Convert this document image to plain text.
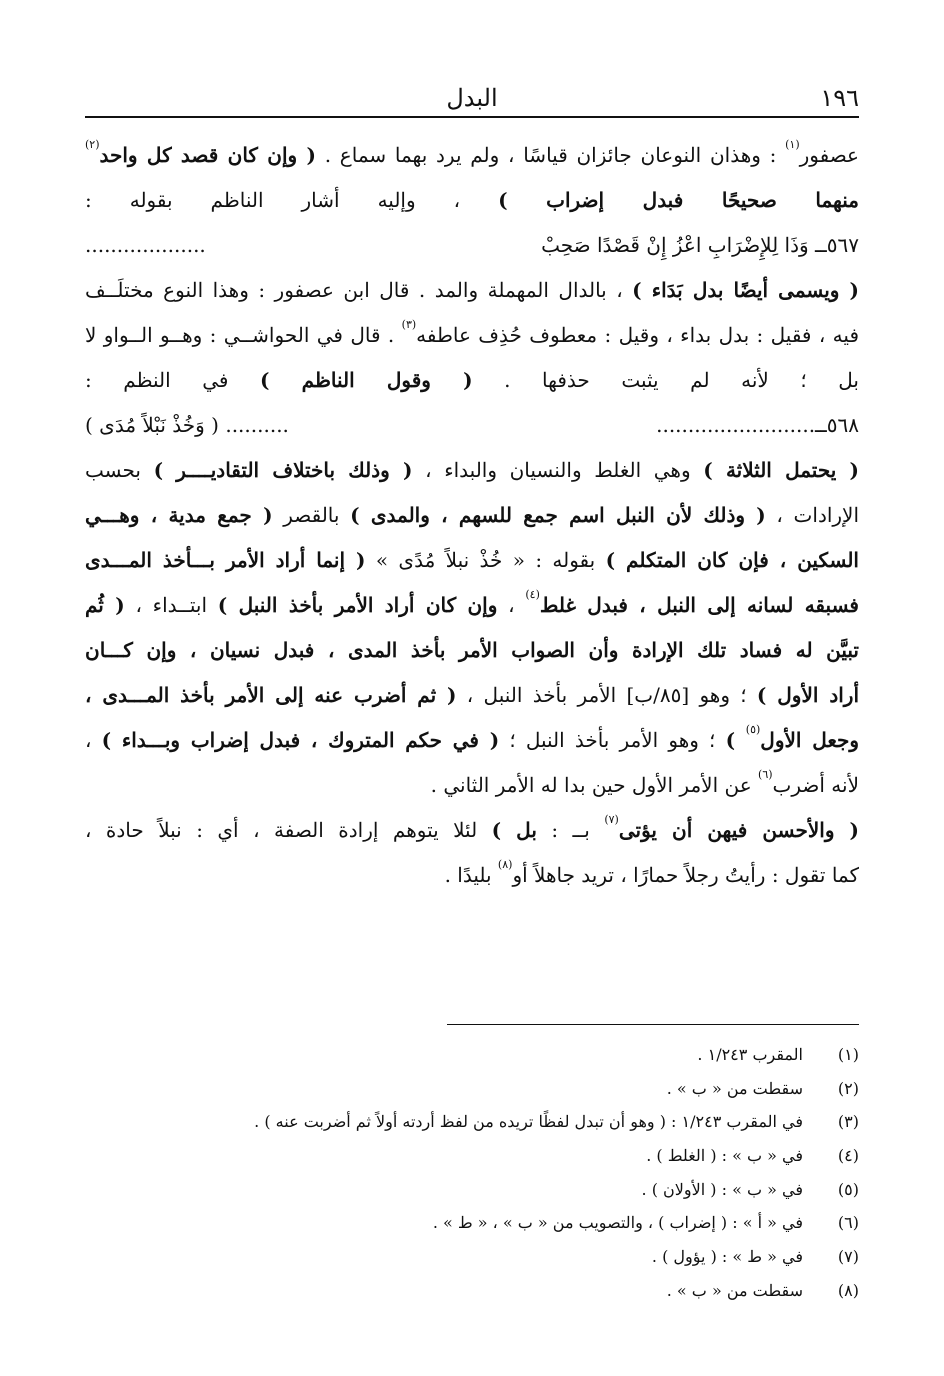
١٩٦
البدل
عصفور$^{(١)}$ : وهذان النوعان جائزان قياسًا ، ولم يرد بهما سماع . ( وإن كان قصد كل واحد$^{(٢)}$
منهما صحيحًا فبدل إضراب ) ، وإليه أشار الناظم بقوله :
٥٦٧ــ وَذَا لِلإِضْرَابِ اعْزُ إِنْ قَصْدًا صَحِبْ
...................
( ويسمى أيضًا بدل بَدَاء ) ، بالدال المهملة والمد . قال ابن عصفور : وهذا النوع مختلَــف
فيه ، فقيل : بدل بداء ، وقيل : معطوف حُذِف عاطفه$^{(٣)}$ . قال في الحواشــي : وهــو الــواو لا
بل ؛ لأنه لم يثبت حذفها . ( وقول الناظم ) في النظم :
٥٦٨ــ.........................
( وَخُذْ نَبْلاً مُدَى ) ..........
( يحتمل الثلاثة ) وهي الغلط والنسيان والبداء ، ( وذلك باختلاف التقاديــــر ) بحسب
الإرادات ، ( وذلك لأن النبل اسم جمع للسهم ، والمدى ) بالقصر ( جمع مدية ، وهـــي
السكين ، فإن كان المتكلم ) بقوله : « خُذْ نبلاً مُدًى » ( إنما أراد الأمر بـــأخذ المـــدى
فسبقه لسانه إلى النبل ، فبدل غلط$^{(٤)}$ ، وإن كان أراد الأمر بأخذ النبل ) ابتــداء ، ( ثُم
تبيَّن له فساد تلك الإرادة وأن الصواب الأمر بأخذ المدى ، فبدل نسيان ، وإن كـــان
أراد الأول ) ؛ وهو [٨٥/ب] الأمر بأخذ النبل ، ( ثم أضرب عنه إلى الأمر بأخذ المـــدى ،
وجعل الأول$^{(٥)}$ ) ؛ وهو الأمر بأخذ النبل ؛ ( في حكم المتروك ، فبدل إضراب وبـــداء ) ،
لأنه أضرب$^{(٦)}$ عن الأمر الأول حين بدا له الأمر الثاني .
( والأحسن فيهن أن يؤتى$^{(٧)}$ بــ : بل ) لئلا يتوهم إرادة الصفة ، أي : نبلاً حادة ،
كما تقول : رأيتُ رجلاً حمارًا ، تريد جاهلاً أو$^{(٨)}$ بليدًا .
( ١ )المقرب ١/٢٤٣ .
( ٢ )سقطت من « ب » .
( ٣ )في المقرب ١/٢٤٣ : ( وهو أن تبدل لفظًا تريده من لفظ أردته أولاً ثم أضربت عنه ) .
( ٤ )في « ب » : ( الغلط ) .
( ٥ )في « ب » : ( الأولان ) .
( ٦ )في « أ » : ( إضراب ) ، والتصويب من « ب » ، « ط » .
( ٧ )في « ط » : ( يؤول ) .
( ٨ )سقطت من « ب » .
